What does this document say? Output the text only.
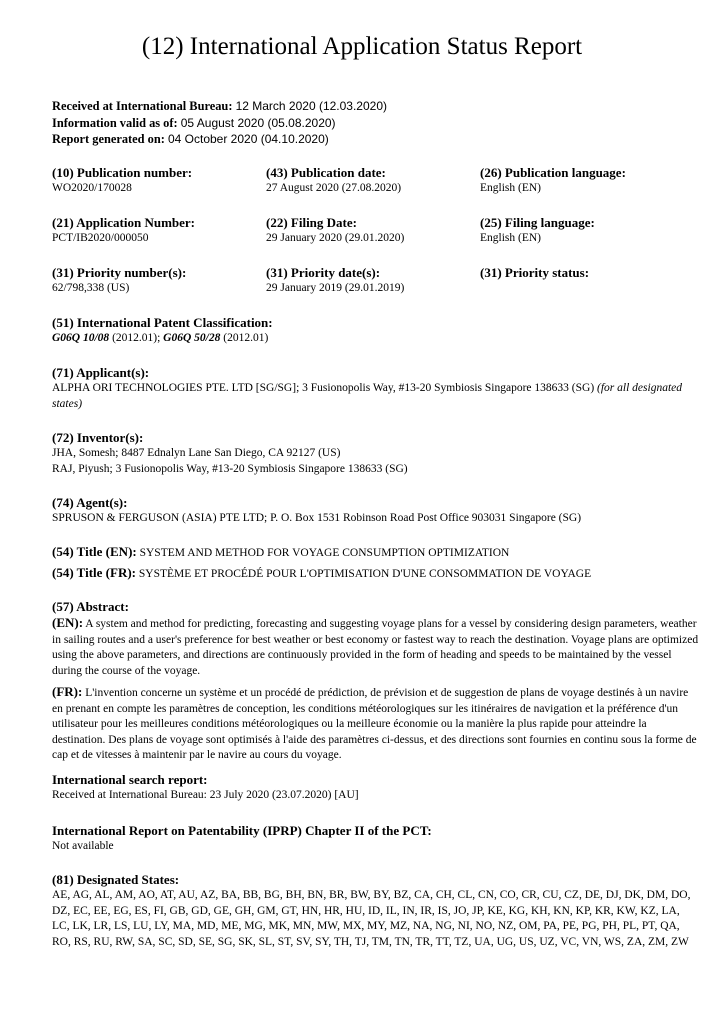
(12) International Application Status Report
Received at International Bureau: 12 March 2020 (12.03.2020)
Information valid as of: 05 August 2020 (05.08.2020)
Report generated on: 04 October 2020 (04.10.2020)
(10) Publication number:
WO2020/170028
(43) Publication date:
27 August 2020 (27.08.2020)
(26) Publication language:
English (EN)
(21) Application Number:
PCT/IB2020/000050
(22) Filing Date:
29 January 2020 (29.01.2020)
(25) Filing language:
English (EN)
(31) Priority number(s):
62/798,338 (US)
(31) Priority date(s):
29 January 2019 (29.01.2019)
(31) Priority status:
(51) International Patent Classification:
G06Q 10/08 (2012.01); G06Q 50/28 (2012.01)
(71) Applicant(s):
ALPHA ORI TECHNOLOGIES PTE. LTD [SG/SG]; 3 Fusionopolis Way, #13-20 Symbiosis Singapore 138633 (SG) (for all designated states)
(72) Inventor(s):
JHA, Somesh; 8487 Ednalyn Lane San Diego, CA 92127 (US)
RAJ, Piyush; 3 Fusionopolis Way, #13-20 Symbiosis Singapore 138633 (SG)
(74) Agent(s):
SPRUSON & FERGUSON (ASIA) PTE LTD; P. O. Box 1531 Robinson Road Post Office 903031 Singapore (SG)
(54) Title (EN): SYSTEM AND METHOD FOR VOYAGE CONSUMPTION OPTIMIZATION
(54) Title (FR): SYSTÈME ET PROCÉDÉ POUR L'OPTIMISATION D'UNE CONSOMMATION DE VOYAGE
(57) Abstract:
(EN): A system and method for predicting, forecasting and suggesting voyage plans for a vessel by considering design parameters, weather in sailing routes and a user's preference for best weather or best economy or fastest way to reach the destination. Voyage plans are optimized using the above parameters, and directions are continuously provided in the form of heading and speeds to be maintained by the vessel during the course of the voyage.
(FR): L'invention concerne un système et un procédé de prédiction, de prévision et de suggestion de plans de voyage destinés à un navire en prenant en compte les paramètres de conception, les conditions météorologiques sur les itinéraires de navigation et la préférence d'un utilisateur pour les meilleures conditions météorologiques ou la meilleure économie ou la manière la plus rapide pour atteindre la destination. Des plans de voyage sont optimisés à l'aide des paramètres ci-dessus, et des directions sont fournies en continu sous la forme de cap et de vitesses à maintenir par le navire au cours du voyage.
International search report:
Received at International Bureau: 23 July 2020 (23.07.2020) [AU]
International Report on Patentability (IPRP) Chapter II of the PCT:
Not available
(81) Designated States:
AE, AG, AL, AM, AO, AT, AU, AZ, BA, BB, BG, BH, BN, BR, BW, BY, BZ, CA, CH, CL, CN, CO, CR, CU, CZ, DE, DJ, DK, DM, DO, DZ, EC, EE, EG, ES, FI, GB, GD, GE, GH, GM, GT, HN, HR, HU, ID, IL, IN, IR, IS, JO, JP, KE, KG, KH, KN, KP, KR, KW, KZ, LA, LC, LK, LR, LS, LU, LY, MA, MD, ME, MG, MK, MN, MW, MX, MY, MZ, NA, NG, NI, NO, NZ, OM, PA, PE, PG, PH, PL, PT, QA, RO, RS, RU, RW, SA, SC, SD, SE, SG, SK, SL, ST, SV, SY, TH, TJ, TM, TN, TR, TT, TZ, UA, UG, US, UZ, VC, VN, WS, ZA, ZM, ZW
